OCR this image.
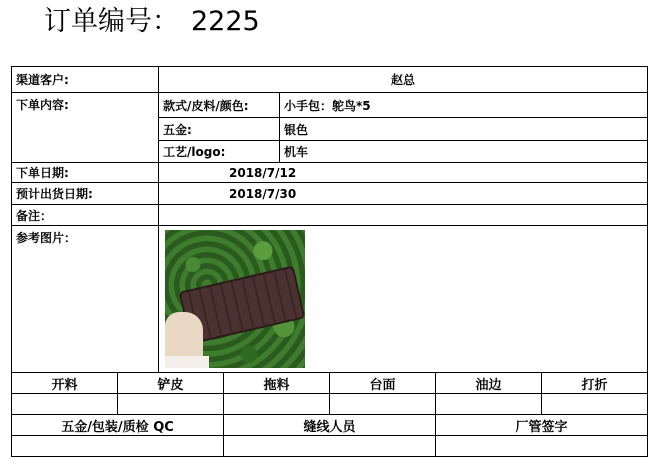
订单编号： 2225
渠道客户:	赵总	
下单内容:	款式/皮料/颜色:	小手包：鸵鸟*5
	五金:	银色
	工艺/logo:	机车
下单日期:	2018/7/12	
预计出货日期:	2018/7/30	
备注：		
参考图片：		
开料	铲皮	拖料	台面	油边	打折

五金/包装/质检 QC		缝线人员		厂管签字	
